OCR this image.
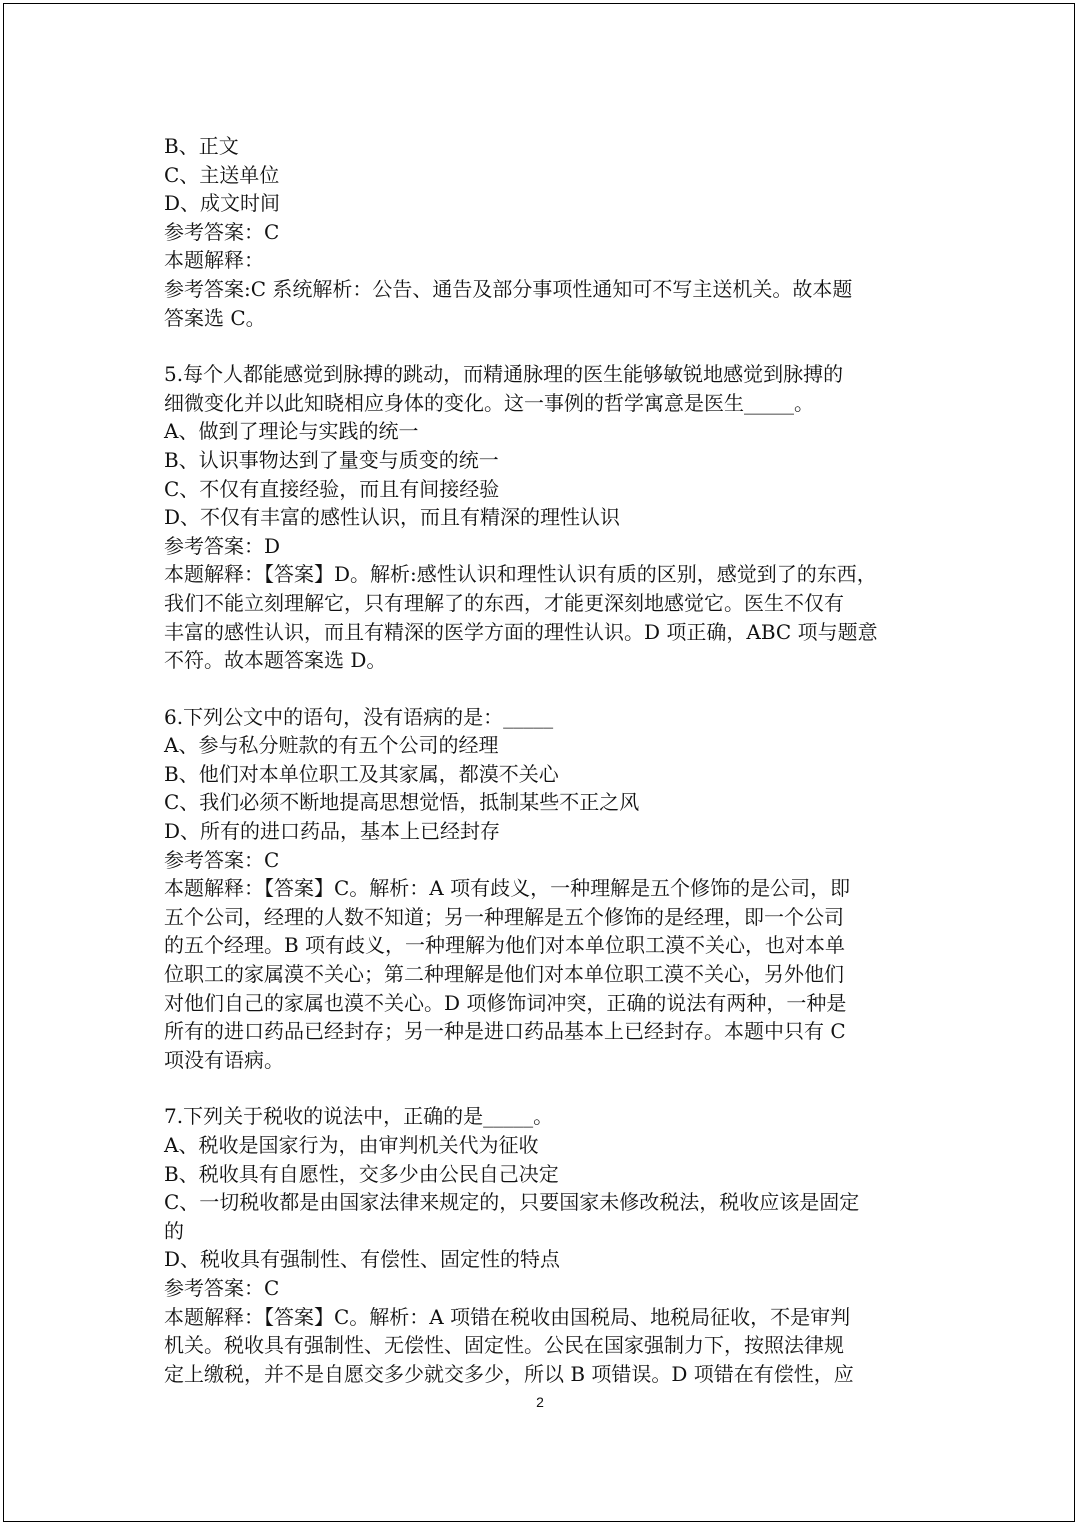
B、正文
C、主送单位
D、成文时间
参考答案：C
本题解释：
参考答案:C 系统解析：公告、通告及部分事项性通知可不写主送机关。故本题
答案选 C。
5.每个人都能感觉到脉搏的跳动，而精通脉理的医生能够敏锐地感觉到脉搏的
细微变化并以此知晓相应身体的变化。这一事例的哲学寓意是医生_____。
A、做到了理论与实践的统一
B、认识事物达到了量变与质变的统一
C、不仅有直接经验，而且有间接经验
D、不仅有丰富的感性认识，而且有精深的理性认识
参考答案：D
本题解释：【答案】D。解析:感性认识和理性认识有质的区别，感觉到了的东西，
我们不能立刻理解它，只有理解了的东西，才能更深刻地感觉它。医生不仅有
丰富的感性认识，而且有精深的医学方面的理性认识。D 项正确，ABC 项与题意
不符。故本题答案选 D。
6.下列公文中的语句，没有语病的是：_____
A、参与私分赃款的有五个公司的经理
B、他们对本单位职工及其家属，都漠不关心
C、我们必须不断地提高思想觉悟，抵制某些不正之风
D、所有的进口药品，基本上已经封存
参考答案：C
本题解释：【答案】C。解析：A 项有歧义，一种理解是五个修饰的是公司，即
五个公司，经理的人数不知道；另一种理解是五个修饰的是经理，即一个公司
的五个经理。B 项有歧义，一种理解为他们对本单位职工漠不关心，也对本单
位职工的家属漠不关心；第二种理解是他们对本单位职工漠不关心，另外他们
对他们自己的家属也漠不关心。D 项修饰词冲突，正确的说法有两种，一种是
所有的进口药品已经封存；另一种是进口药品基本上已经封存。本题中只有 C
项没有语病。
7.下列关于税收的说法中，正确的是_____。
A、税收是国家行为，由审判机关代为征收
B、税收具有自愿性，交多少由公民自己决定
C、一切税收都是由国家法律来规定的，只要国家未修改税法，税收应该是固定
的
D、税收具有强制性、有偿性、固定性的特点
参考答案：C
本题解释：【答案】C。解析：A 项错在税收由国税局、地税局征收，不是审判
机关。税收具有强制性、无偿性、固定性。公民在国家强制力下，按照法律规
定上缴税，并不是自愿交多少就交多少，所以 B 项错误。D 项错在有偿性，应
2
